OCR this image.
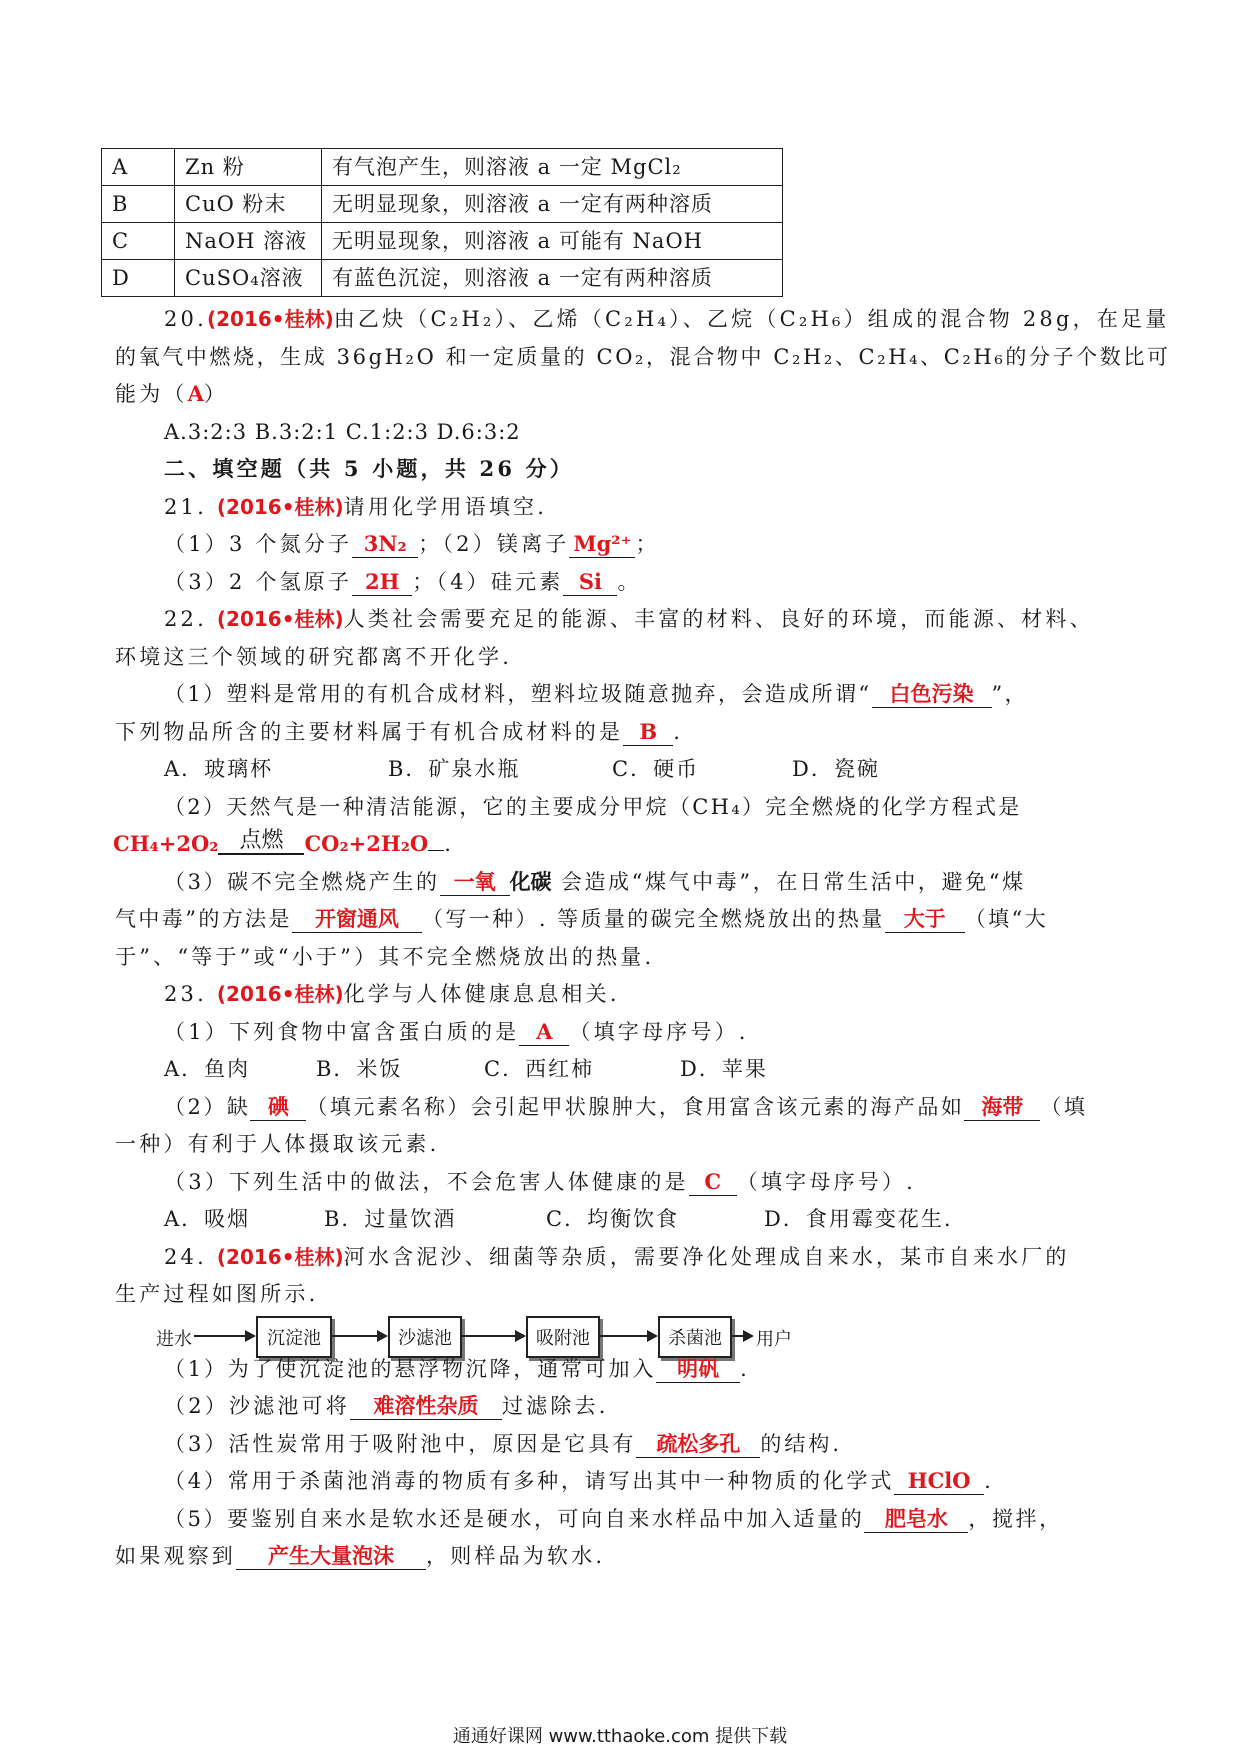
A	Zn 粉	有气泡产生，则溶液 a 一定 MgCl₂
B	CuO 粉末	无明显现象，则溶液 a 一定有两种溶质
C	NaOH 溶液	无明显现象，则溶液 a 可能有 NaOH
D	CuSO₄溶液	有蓝色沉淀，则溶液 a 一定有两种溶质
20.(2016•桂林)由乙炔（C₂H₂）、乙烯（C₂H₄）、乙烷（C₂H₆）组成的混合物 28g，在足量
的氧气中燃烧，生成 36gH₂O 和一定质量的 CO₂，混合物中 C₂H₂、C₂H₄、C₂H₆的分子个数比可
能为（A）
A.3:2:3 B.3:2:1 C.1:2:3 D.6:3:2
二、填空题（共 5 小题，共 26 分）
21. (2016•桂林)请用化学用语填空.
（1）3 个氮分子 3N₂ ；（2）镁离子 Mg²⁺ ；
（3）2 个氢原子 2H ；（4）硅元素 Si 。
22. (2016•桂林)人类社会需要充足的能源、丰富的材料、良好的环境，而能源、材料、
环境这三个领域的研究都离不开化学.
（1）塑料是常用的有机合成材料，塑料垃圾随意抛弃，会造成所谓“ 白色污染 ”，
下列物品所含的主要材料属于有机合成材料的是 B .
A．玻璃杯	B．矿泉水瓶	C．硬币	D．瓷碗
（2）天然气是一种清洁能源，它的主要成分甲烷（CH₄）完全燃烧的化学方程式是
CH₄+2O₂ 点燃	CO₂+2H₂O .
（3）碳不完全燃烧产生的 一氧 化碳 会造成“煤气中毒”，在日常生活中，避免“煤
气中毒”的方法是 开窗通风 （写一种）. 等质量的碳完全燃烧放出的热量 大于 （填“大
于”、“等于”或“小于”）其不完全燃烧放出的热量.
23. (2016•桂林)化学与人体健康息息相关.
（1）下列食物中富含蛋白质的是 A （填字母序号）.
A．鱼肉	B．米饭	C．西红柿	D．苹果
（2）缺 碘 （填元素名称）会引起甲状腺肿大，食用富含该元素的海产品如 海带 （填
一种）有利于人体摄取该元素.
（3）下列生活中的做法，不会危害人体健康的是 C （填字母序号）.
A．吸烟	B．过量饮酒	C．均衡饮食	D．食用霉变花生.
24. (2016•桂林)河水含泥沙、细菌等杂质，需要净化处理成自来水，某市自来水厂的
生产过程如图所示.
进水	沉淀池	沙滤池	吸附池	杀菌池	用户
（1）为了使沉淀池的悬浮物沉降，通常可加入 明矾 .
（2）沙滤池可将 难溶性杂质 过滤除去.
（3）活性炭常用于吸附池中，原因是它具有 疏松多孔 的结构.
（4）常用于杀菌池消毒的物质有多种，请写出其中一种物质的化学式 HClO .
（5）要鉴别自来水是软水还是硬水，可向自来水样品中加入适量的 肥皂水 ，搅拌，
如果观察到 产生大量泡沫 ，则样品为软水.
通通好课网 www.tthaoke.com 提供下载
